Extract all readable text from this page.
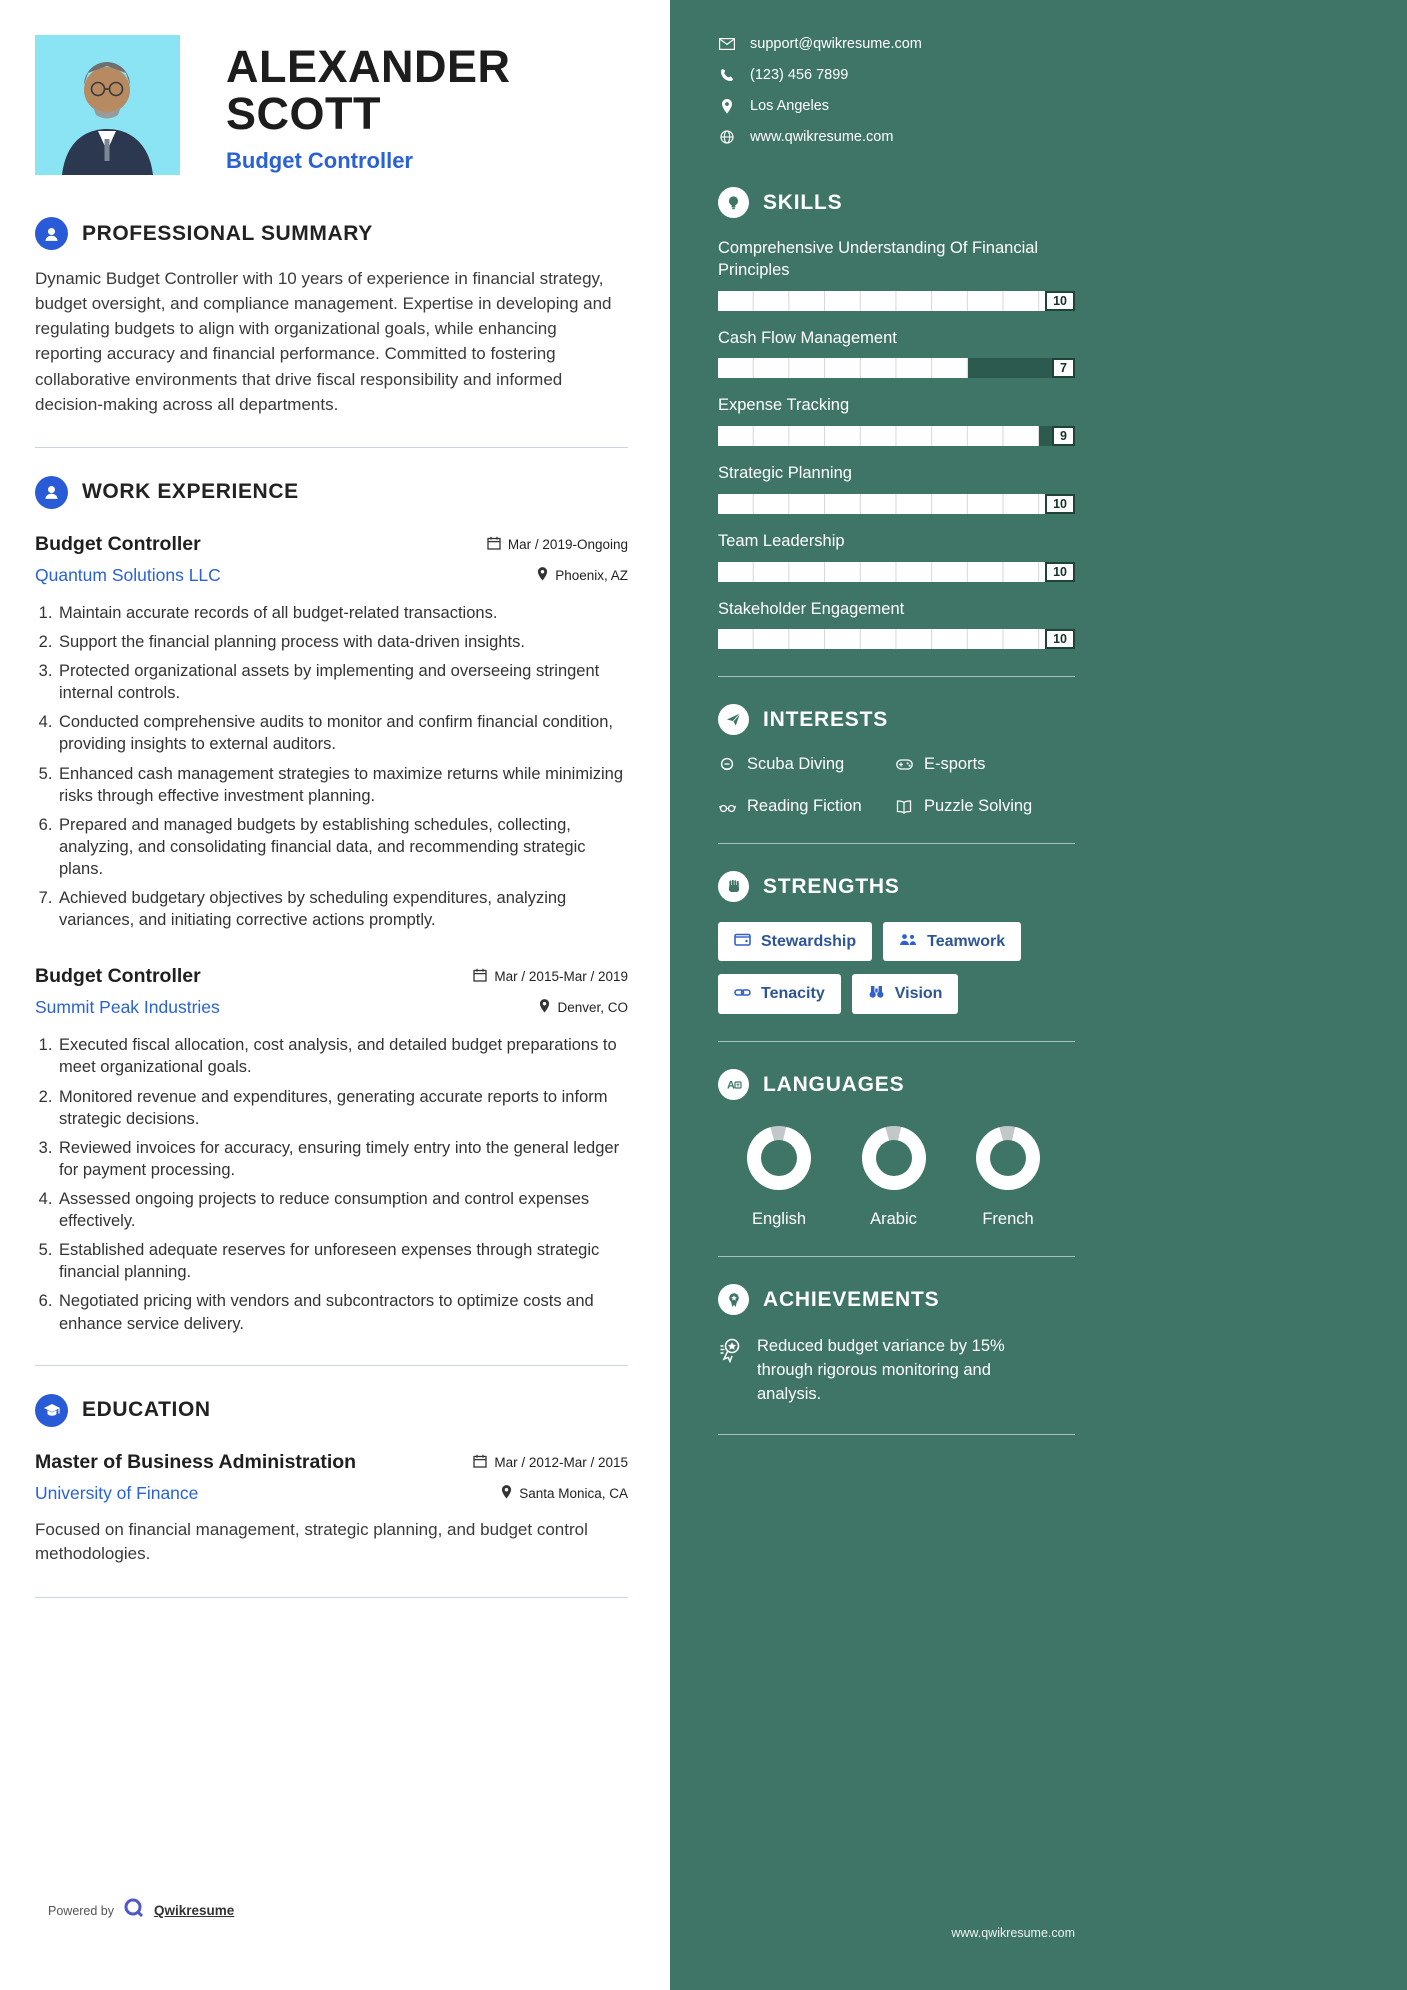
ALEXANDER SCOTT
Budget Controller
PROFESSIONAL SUMMARY

Dynamic Budget Controller with 10 years of experience in financial strategy, budget oversight, and compliance management. Expertise in developing and regulating budgets to align with organizational goals, while enhancing reporting accuracy and financial performance. Committed to fostering collaborative environments that drive fiscal responsibility and informed decision-making across all departments.

WORK EXPERIENCE
Budget Controller	Mar / 2019-Ongoing
Quantum Solutions LLC	Phoenix, AZ
1. Maintain accurate records of all budget-related transactions.
2. Support the financial planning process with data-driven insights.
3. Protected organizational assets by implementing and overseeing stringent internal controls.
4. Conducted comprehensive audits to monitor and confirm financial condition, providing insights to external auditors.
5. Enhanced cash management strategies to maximize returns while minimizing risks through effective investment planning.
6. Prepared and managed budgets by establishing schedules, collecting, analyzing, and consolidating financial data, and recommending strategic plans.
7. Achieved budgetary objectives by scheduling expenditures, analyzing variances, and initiating corrective actions promptly.
Budget Controller	Mar / 2015-Mar / 2019
Summit Peak Industries	Denver, CO
1. Executed fiscal allocation, cost analysis, and detailed budget preparations to meet organizational goals.
2. Monitored revenue and expenditures, generating accurate reports to inform strategic decisions.
3. Reviewed invoices for accuracy, ensuring timely entry into the general ledger for payment processing.
4. Assessed ongoing projects to reduce consumption and control expenses effectively.
5. Established adequate reserves for unforeseen expenses through strategic financial planning.
6. Negotiated pricing with vendors and subcontractors to optimize costs and enhance service delivery.
EDUCATION
Master of Business Administration	Mar / 2012-Mar / 2015
University of Finance	Santa Monica, CA

Focused on financial management, strategic planning, and budget control methodologies.

Powered by	Qwikresume
support@qwikresume.com
(123) 456 7899
Los Angeles
www.qwikresume.com
SKILLS
Comprehensive Understanding Of Financial Principles
10
Cash Flow Management
7
Expense Tracking
9
Strategic Planning
10
Team Leadership
10
Stakeholder Engagement
10
INTERESTS
Scuba Diving	E-sports
Reading Fiction	Puzzle Solving
STRENGTHS
Stewardship	Teamwork
Tenacity	Vision
A LANGUAGES
English	Arabic	French
ACHIEVEMENTS

Reduced budget variance by 15% through rigorous monitoring and analysis.

www.qwikresume.com
